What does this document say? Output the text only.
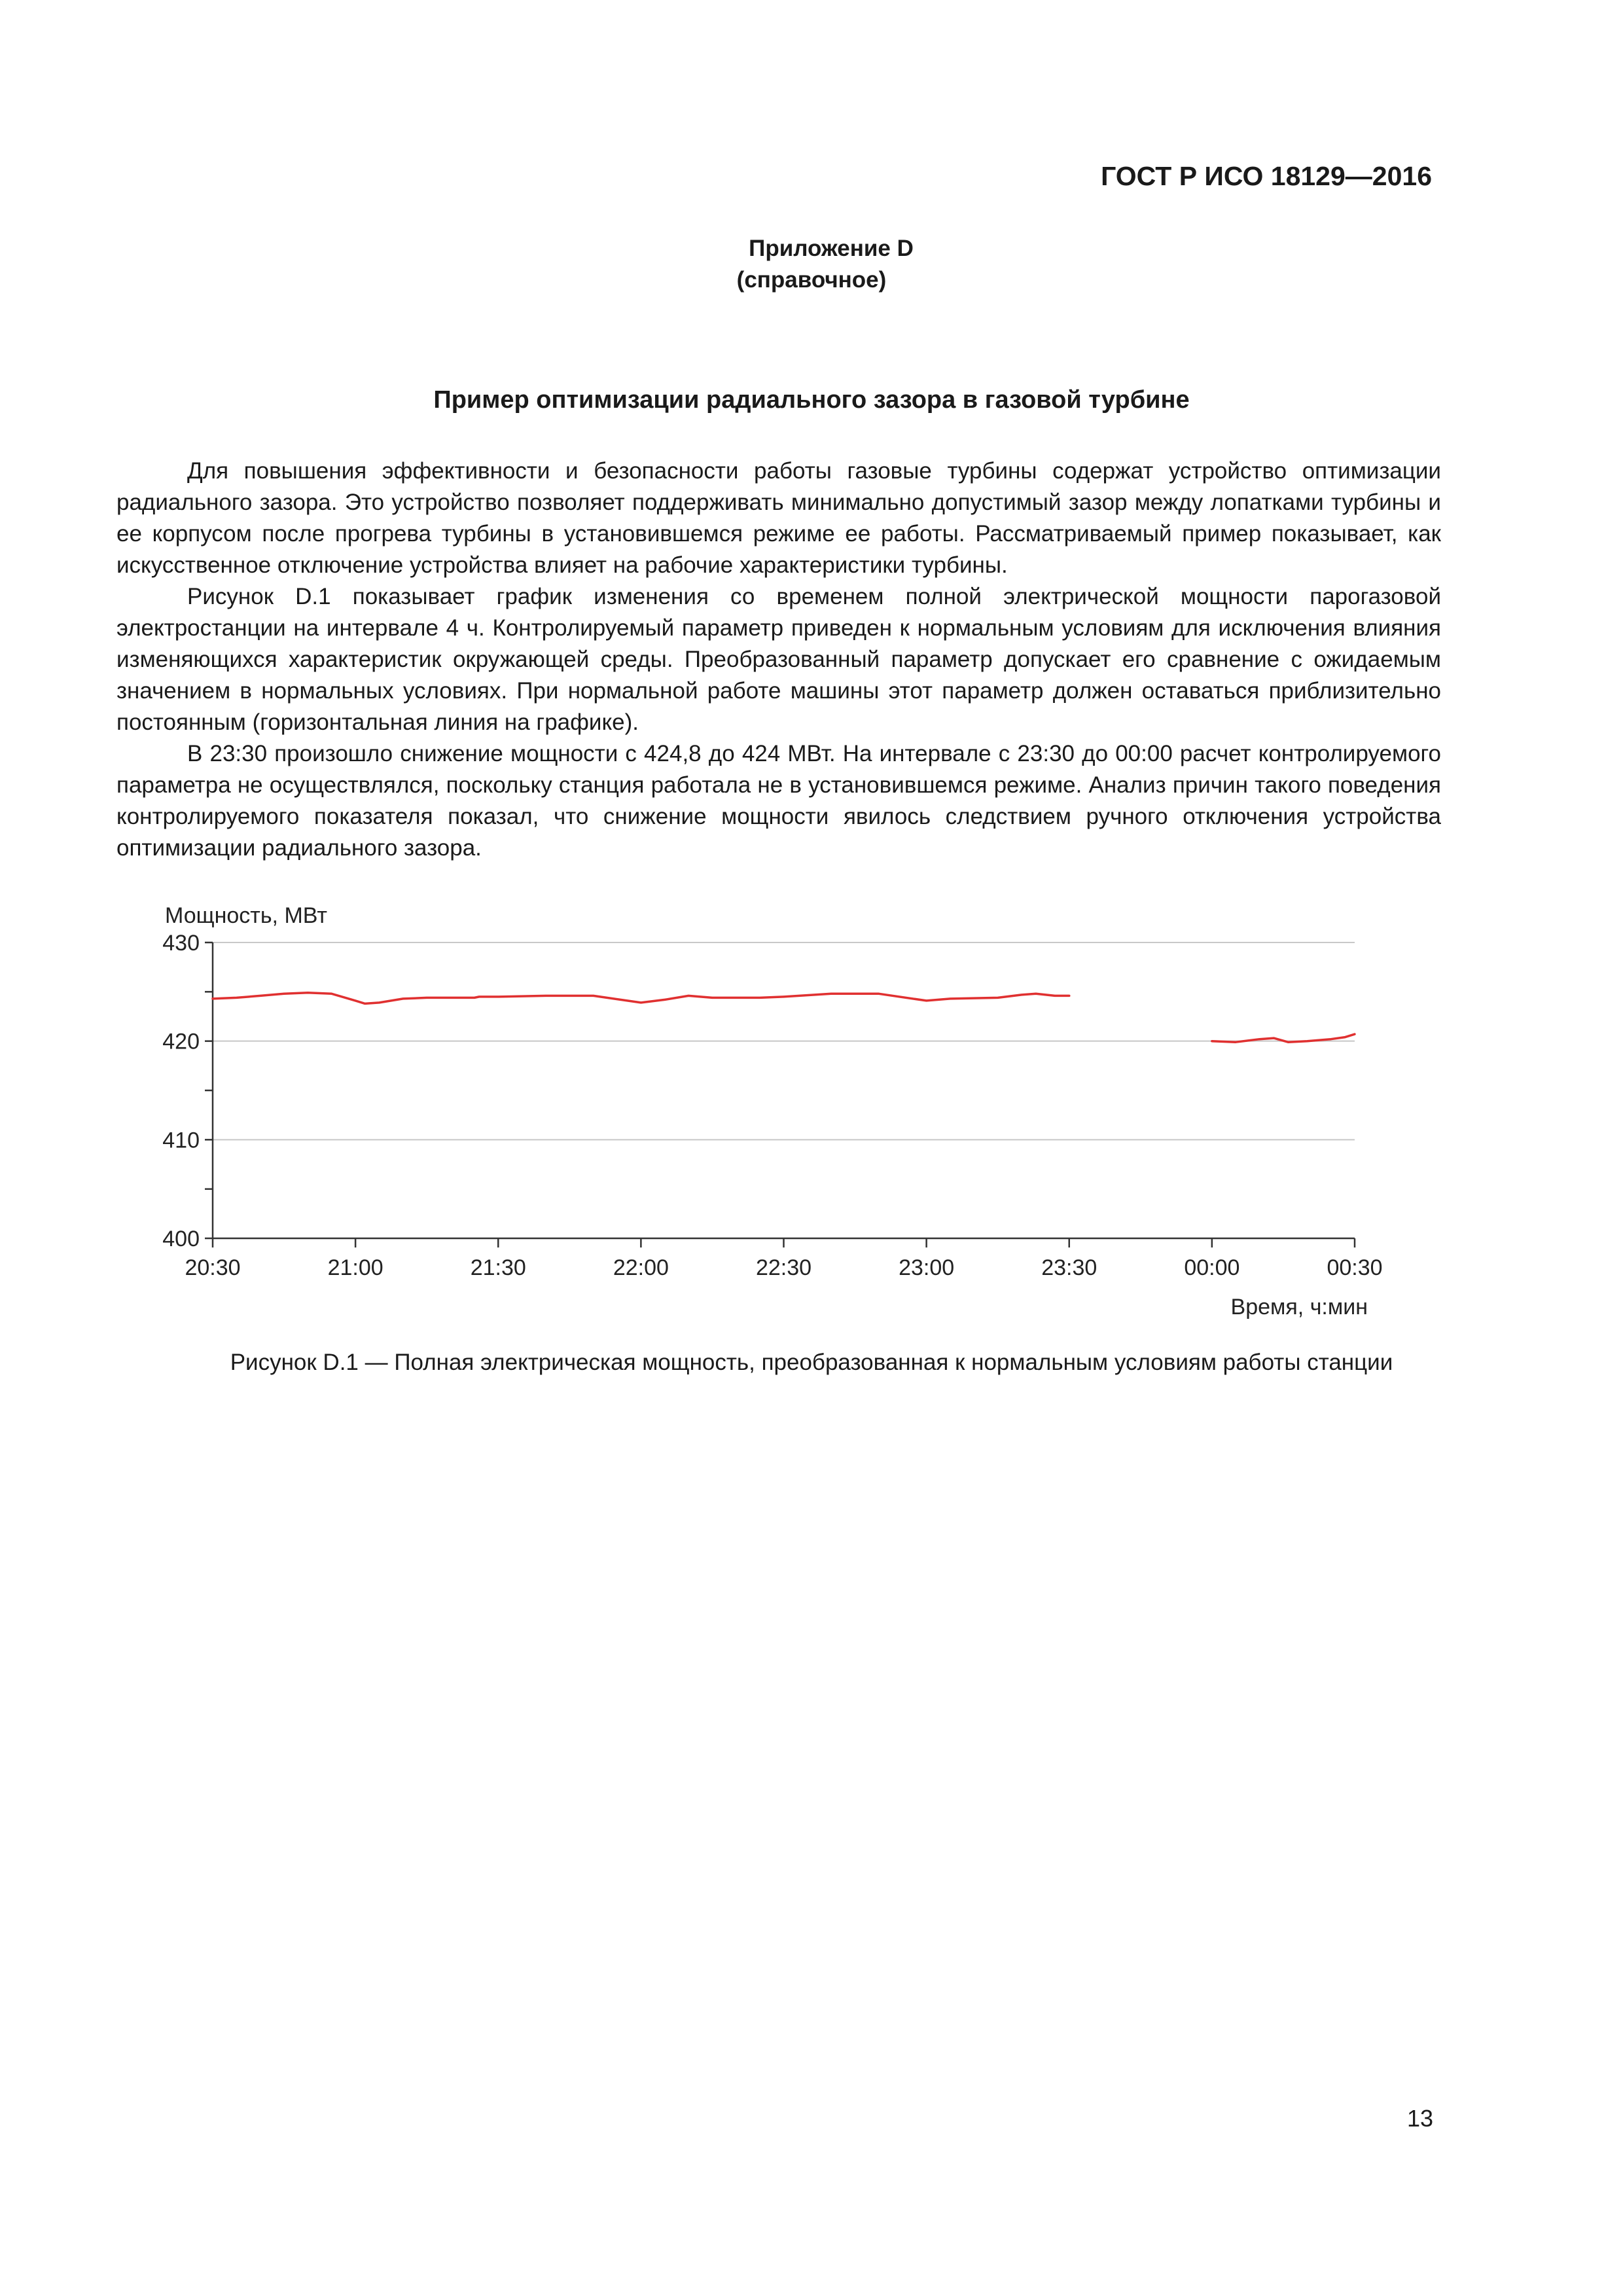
ГОСТ Р ИСО 18129—2016
Приложение D
(справочное)
Пример оптимизации радиального зазора в газовой турбине

Для повышения эффективности и безопасности работы газовые турбины содержат устройство оптимизации радиального зазора. Это устройство позволяет поддерживать минимально допустимый зазор между лопатками турбины и ее корпусом после прогрева турбины в установившемся режиме ее работы. Рассматриваемый пример показывает, как искусственное отключение устройства влияет на рабочие характеристики турбины.

Рисунок D.1 показывает график изменения со временем полной электрической мощности парогазовой электростанции на интервале 4 ч. Контролируемый параметр приведен к нормальным условиям для исключения влияния изменяющихся характеристик окружающей среды. Преобразованный параметр допускает его сравнение с ожидаемым значением в нормальных условиях. При нормальной работе машины этот параметр должен оставаться приблизительно постоянным (горизонтальная линия на графике).

В 23:30 произошло снижение мощности с 424,8 до 424 МВт. На интервале с 23:30 до 00:00 расчет контролируемого параметра не осуществлялся, поскольку станция работала не в установившемся режиме. Анализ причин такого поведения контролируемого показателя показал, что снижение мощности явилось следствием ручного отключения устройства оптимизации радиального зазора.

Мощность, МВт
Время, ч:мин
400
410
420
430
20:30	21:00	21:30	22:00	22:30	23:00	23:30	00:00	00:30
Рисунок D.1 — Полная электрическая мощность, преобразованная к нормальным условиям работы станции
13
